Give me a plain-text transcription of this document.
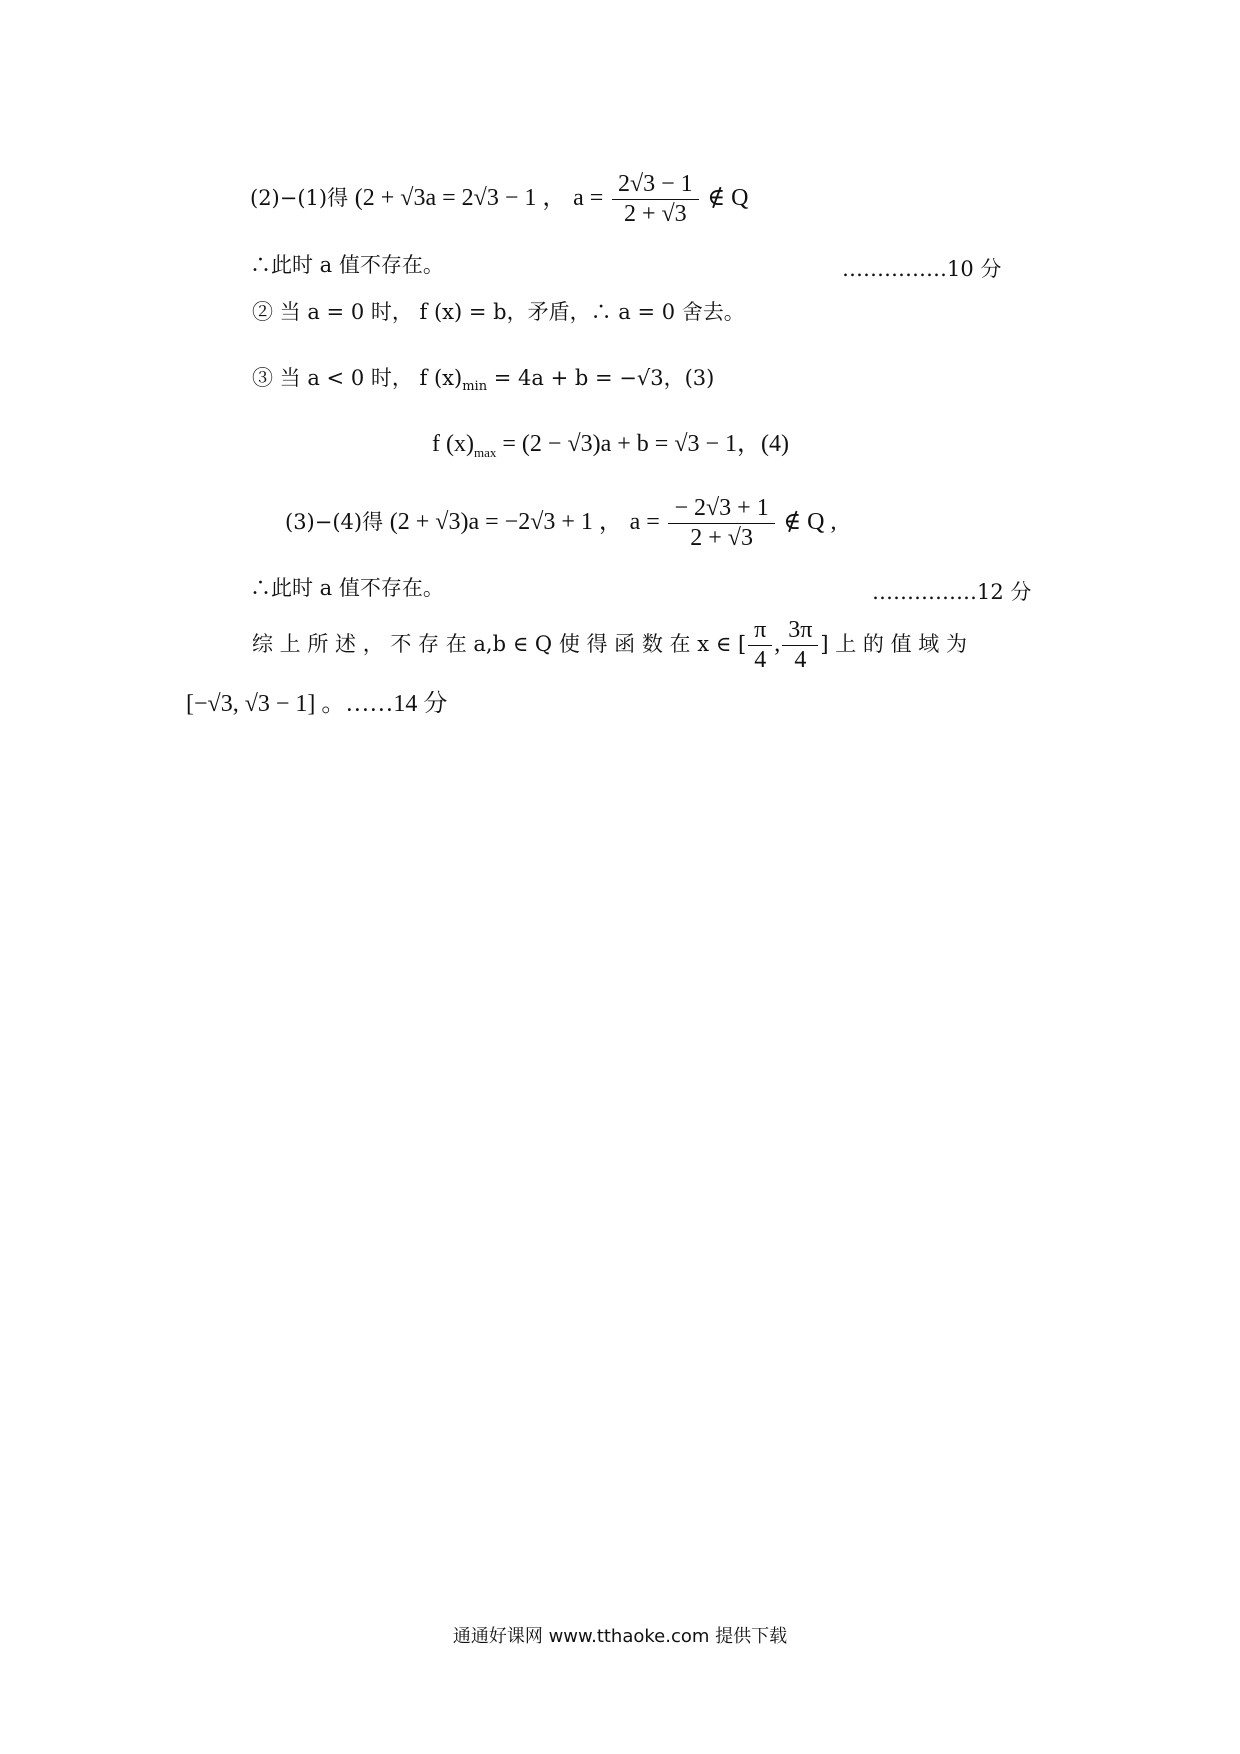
(2)−(1)得 (2 + √3a = 2√3 − 1 ， $a = \frac{2√3 - 1}{2 + √3}$ ∉ Q
∴此时 a 值不存在。	……………10 分
② 当 a = 0 时， f (x) = b，矛盾，∴ a = 0 舍去。
③ 当 a < 0 时， f $(x)_{min} = 4a + b = -√3$，(3)
f $(x)_{max} = (2 - √3)a + b = √3 - 1$，(4)
(3)−(4)得 (2 + √3)a = −2√3 + 1 ， $a = \frac{- 2√3 + 1}{2 + √3}$ ∉ Q ,
∴此时 a 值不存在。	……………12 分
综 上 所 述 ， 不 存 在 a,b ∈ Q 使 得 函 数 在 x ∈ [ $\frac{\pi}{4}$ , $\frac{3\pi}{4}$ ] 上 的 值 域 为
[−√3, √3 − 1] 。……14 分
通通好课网 www.tthaoke.com 提供下载
